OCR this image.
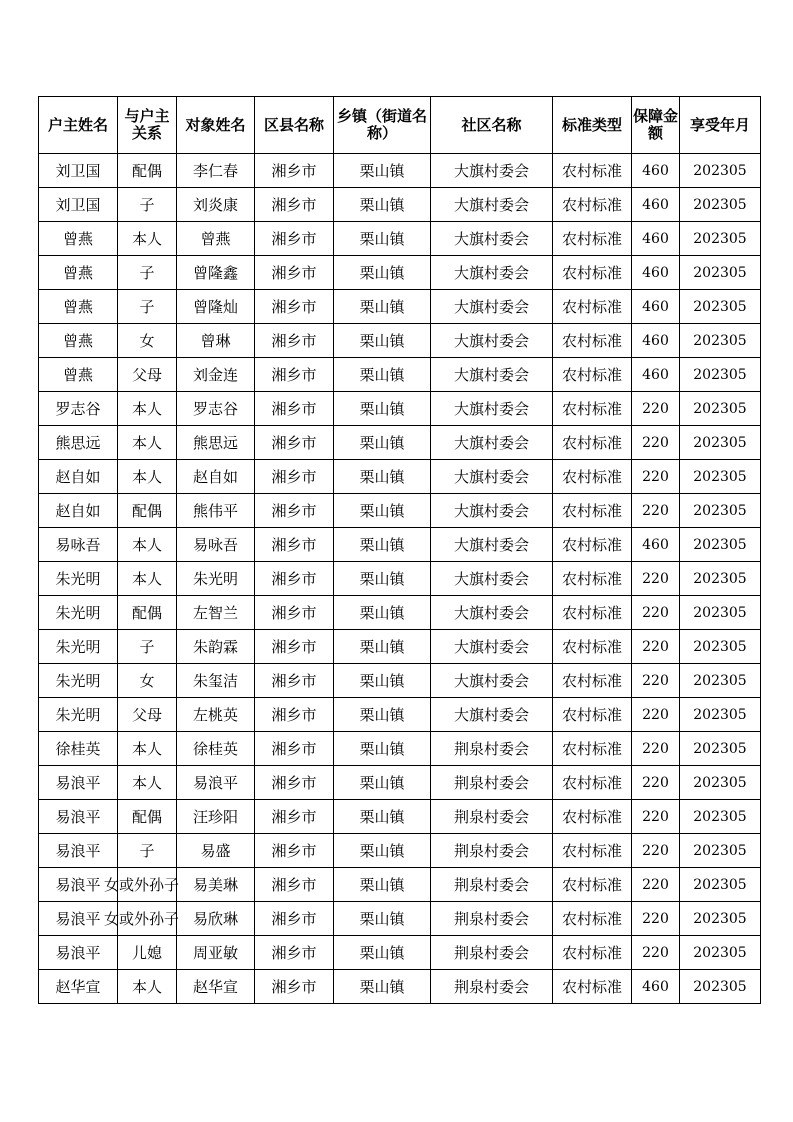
户主姓名	与户主关系	对象姓名	区县名称	乡镇（街道名称）	社区名称	标准类型	保障金额	享受年月
刘卫国	配偶	李仁春	湘乡市	栗山镇	大旗村委会	农村标准	460	202305
刘卫国	子	刘炎康	湘乡市	栗山镇	大旗村委会	农村标准	460	202305
曾燕	本人	曾燕	湘乡市	栗山镇	大旗村委会	农村标准	460	202305
曾燕	子	曾隆鑫	湘乡市	栗山镇	大旗村委会	农村标准	460	202305
曾燕	子	曾隆灿	湘乡市	栗山镇	大旗村委会	农村标准	460	202305
曾燕	女	曾琳	湘乡市	栗山镇	大旗村委会	农村标准	460	202305
曾燕	父母	刘金连	湘乡市	栗山镇	大旗村委会	农村标准	460	202305
罗志谷	本人	罗志谷	湘乡市	栗山镇	大旗村委会	农村标准	220	202305
熊思远	本人	熊思远	湘乡市	栗山镇	大旗村委会	农村标准	220	202305
赵自如	本人	赵自如	湘乡市	栗山镇	大旗村委会	农村标准	220	202305
赵自如	配偶	熊伟平	湘乡市	栗山镇	大旗村委会	农村标准	220	202305
易咏吾	本人	易咏吾	湘乡市	栗山镇	大旗村委会	农村标准	460	202305
朱光明	本人	朱光明	湘乡市	栗山镇	大旗村委会	农村标准	220	202305
朱光明	配偶	左智兰	湘乡市	栗山镇	大旗村委会	农村标准	220	202305
朱光明	子	朱韵霖	湘乡市	栗山镇	大旗村委会	农村标准	220	202305
朱光明	女	朱玺洁	湘乡市	栗山镇	大旗村委会	农村标准	220	202305
朱光明	父母	左桃英	湘乡市	栗山镇	大旗村委会	农村标准	220	202305
徐桂英	本人	徐桂英	湘乡市	栗山镇	荆泉村委会	农村标准	220	202305
易浪平	本人	易浪平	湘乡市	栗山镇	荆泉村委会	农村标准	220	202305
易浪平	配偶	汪珍阳	湘乡市	栗山镇	荆泉村委会	农村标准	220	202305
易浪平	子	易盛	湘乡市	栗山镇	荆泉村委会	农村标准	220	202305
易浪平	女或外孙子	易美琳	湘乡市	栗山镇	荆泉村委会	农村标准	220	202305
易浪平	女或外孙子	易欣琳	湘乡市	栗山镇	荆泉村委会	农村标准	220	202305
易浪平	儿媳	周亚敏	湘乡市	栗山镇	荆泉村委会	农村标准	220	202305
赵华宣	本人	赵华宣	湘乡市	栗山镇	荆泉村委会	农村标准	460	202305
